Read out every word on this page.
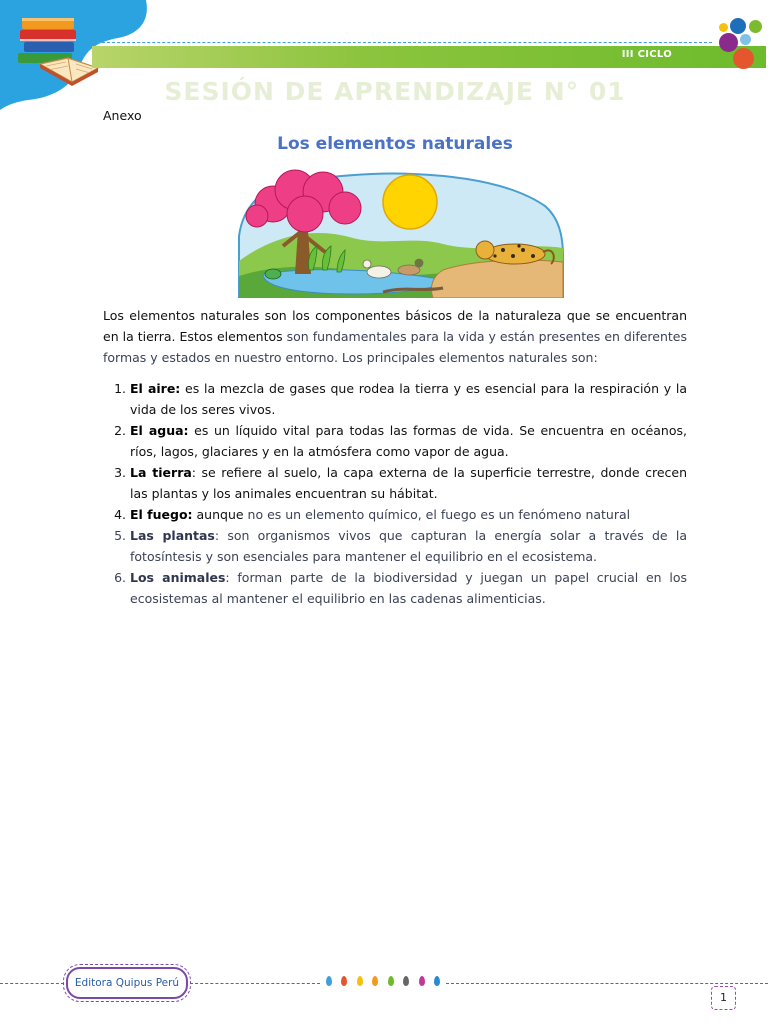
III CICLO
SESIÓN DE APRENDIZAJE N° 01
Anexo
Los elementos naturales

Los elementos naturales son los componentes básicos de la naturaleza que se encuentran en la tierra. Estos elementos son fundamentales para la vida y están presentes en diferentes formas y estados en nuestro entorno. Los principales elementos naturales son:

1. El aire: es la mezcla de gases que rodea la tierra y es esencial para la respiración y la vida de los seres vivos.
2. El agua: es un líquido vital para todas las formas de vida. Se encuentra en océanos, ríos, lagos, glaciares y en la atmósfera como vapor de agua.
3. La tierra: se refiere al suelo, la capa externa de la superficie terrestre, donde crecen las plantas y los animales encuentran su hábitat.
4. El fuego: aunque no es un elemento químico, el fuego es un fenómeno natural
5. Las plantas: son organismos vivos que capturan la energía solar a través de la fotosíntesis y son esenciales para mantener el equilibrio en el ecosistema.
6. Los animales: forman parte de la biodiversidad y juegan un papel crucial en los ecosistemas al mantener el equilibrio en las cadenas alimenticias.
Editora Quipus Perú
1
